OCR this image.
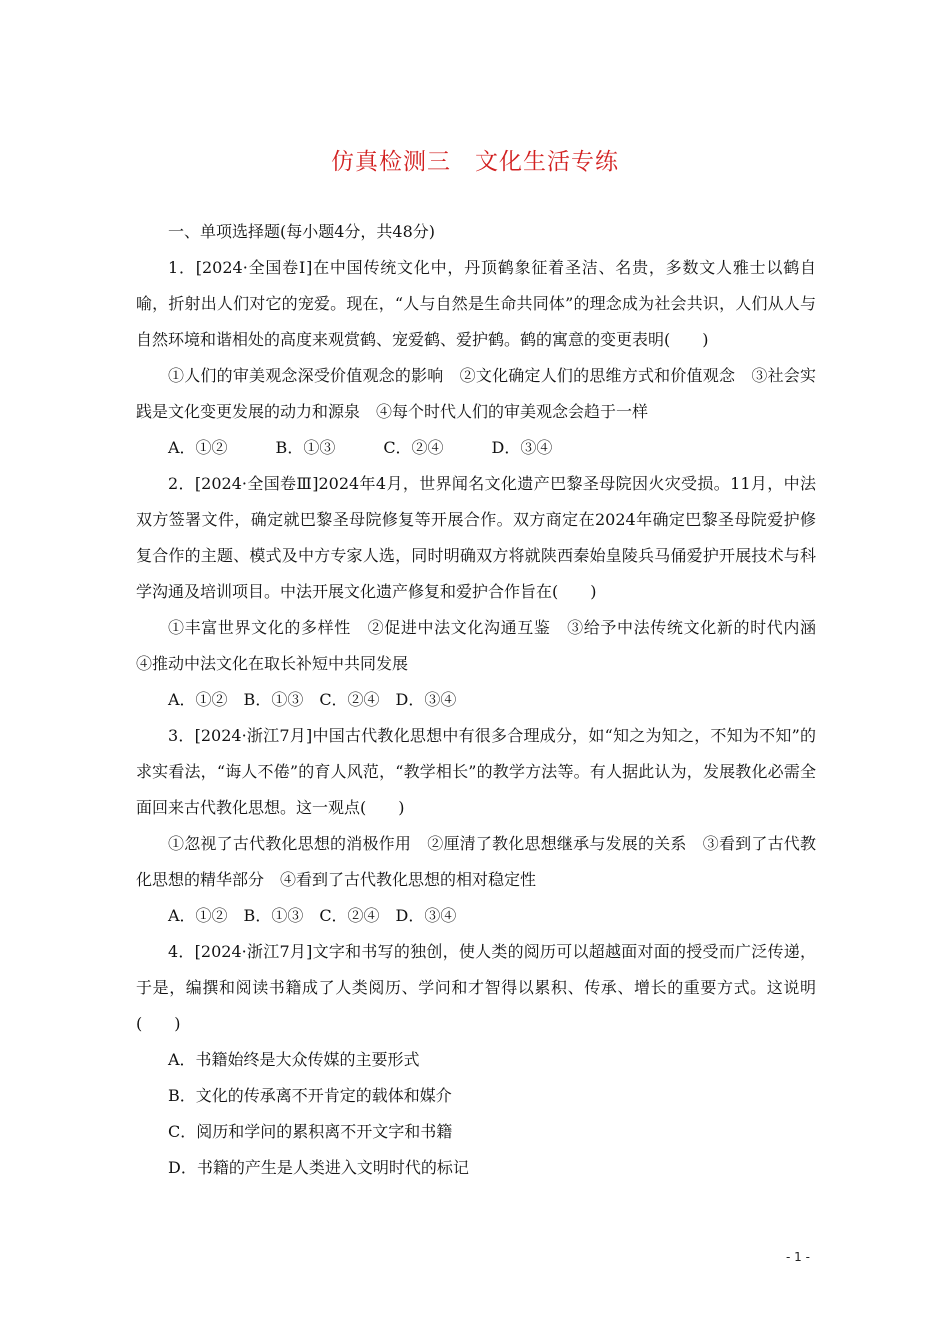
仿真检测三　文化生活专练

一、单项选择题(每小题4分，共48分)

1．[2024·全国卷Ⅰ]在中国传统文化中，丹顶鹤象征着圣洁、名贵，多数文人雅士以鹤自喻，折射出人们对它的宠爱。现在，“人与自然是生命共同体”的理念成为社会共识，人们从人与自然环境和谐相处的高度来观赏鹤、宠爱鹤、爱护鹤。鹤的寓意的变更表明(　　)

①人们的审美观念深受价值观念的影响　②文化确定人们的思维方式和价值观念　③社会实践是文化变更发展的动力和源泉　④每个时代人们的审美观念会趋于一样

A．①②　　　B．①③　　　C．②④　　　D．③④

2．[2024·全国卷Ⅲ]2024年4月，世界闻名文化遗产巴黎圣母院因火灾受损。11月，中法双方签署文件，确定就巴黎圣母院修复等开展合作。双方商定在2024年确定巴黎圣母院爱护修复合作的主题、模式及中方专家人选，同时明确双方将就陕西秦始皇陵兵马俑爱护开展技术与科学沟通及培训项目。中法开展文化遗产修复和爱护合作旨在(　　)

①丰富世界文化的多样性　②促进中法文化沟通互鉴　③给予中法传统文化新的时代内涵　④推动中法文化在取长补短中共同发展

A．①②　B．①③　C．②④　D．③④

3．[2024·浙江7月]中国古代教化思想中有很多合理成分，如“知之为知之，不知为不知”的求实看法，“诲人不倦”的育人风范，“教学相长”的教学方法等。有人据此认为，发展教化必需全面回来古代教化思想。这一观点(　　)

①忽视了古代教化思想的消极作用　②厘清了教化思想继承与发展的关系　③看到了古代教化思想的精华部分　④看到了古代教化思想的相对稳定性

A．①②　B．①③　C．②④　D．③④

4．[2024·浙江7月]文字和书写的独创，使人类的阅历可以超越面对面的授受而广泛传递，于是，编撰和阅读书籍成了人类阅历、学问和才智得以累积、传承、增长的重要方式。这说明(　　)

A．书籍始终是大众传媒的主要形式

B．文化的传承离不开肯定的载体和媒介

C．阅历和学问的累积离不开文字和书籍

D．书籍的产生是人类进入文明时代的标记

- 1 -
